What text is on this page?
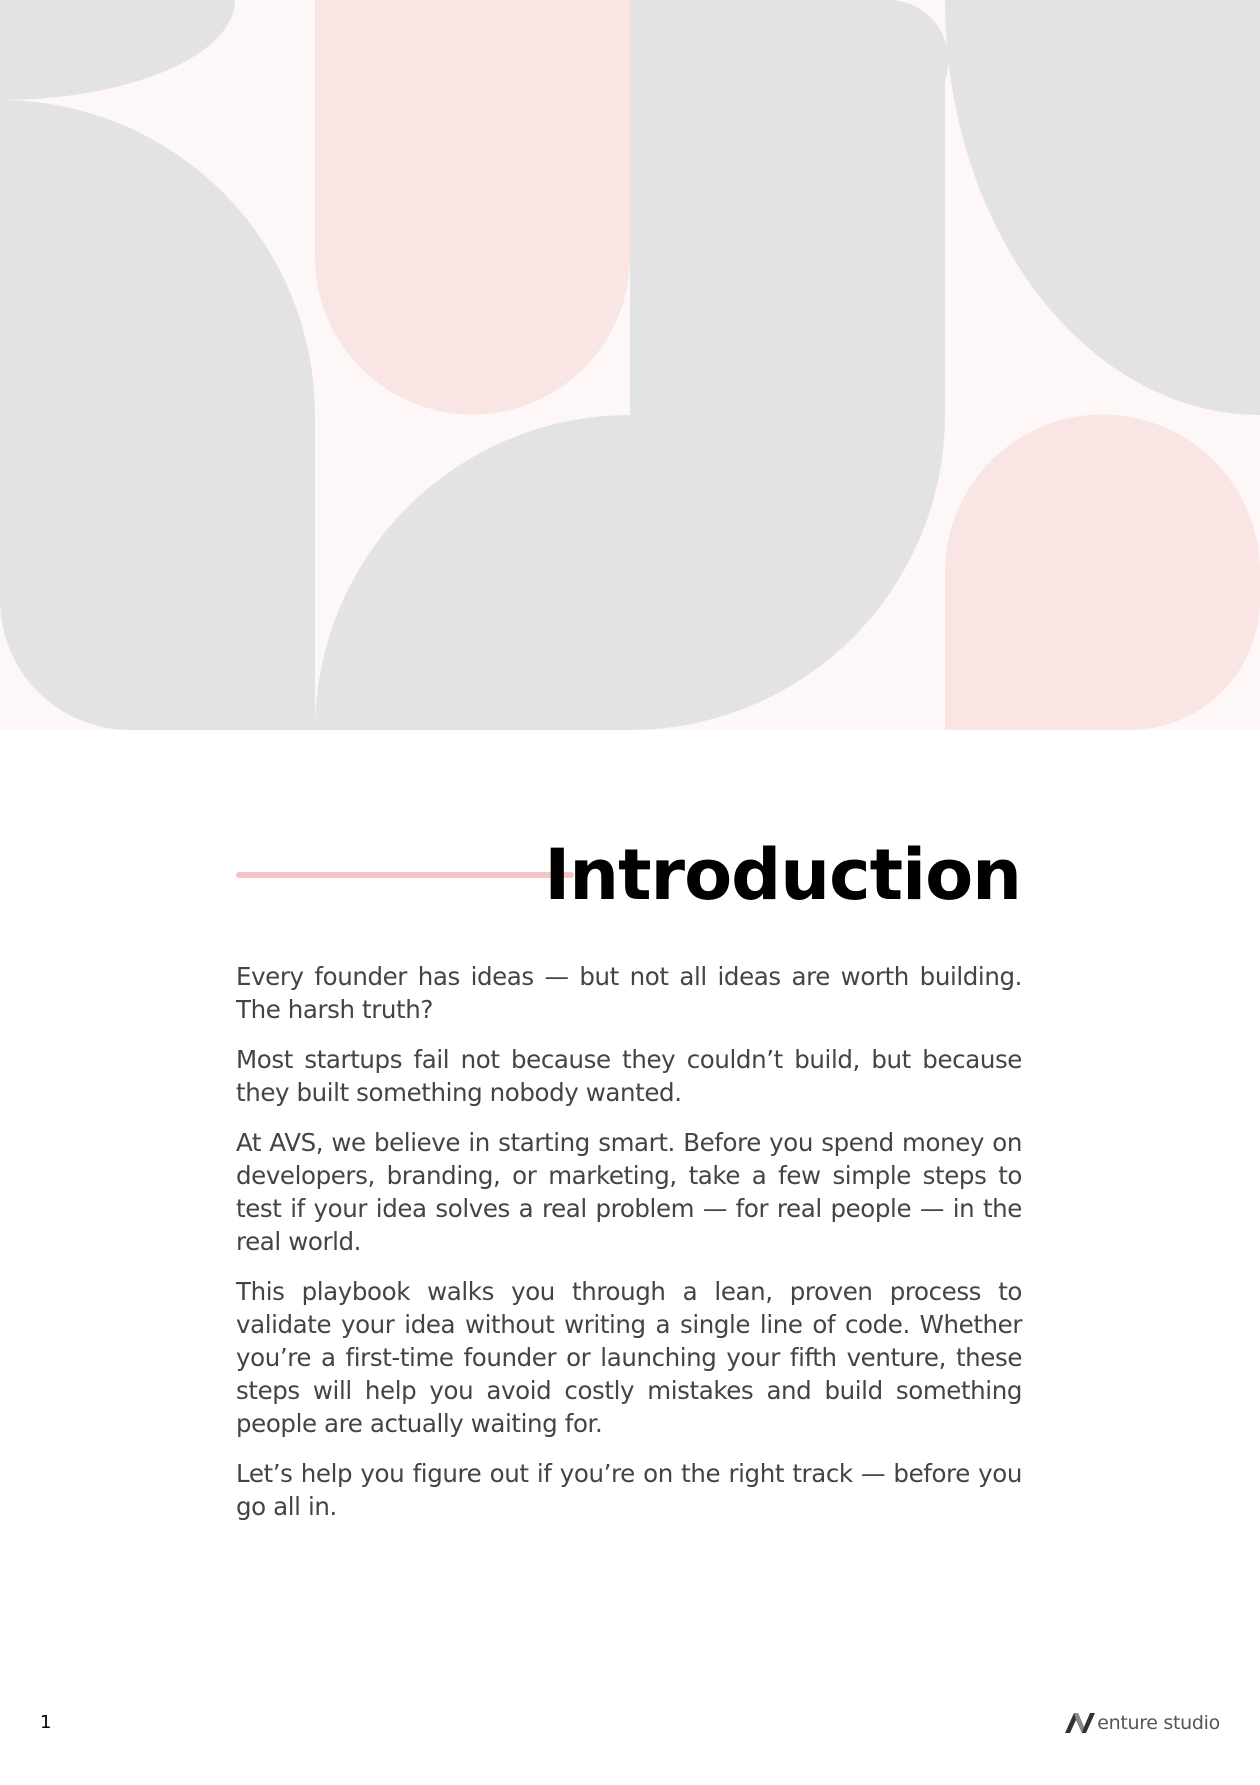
Introduction

Every founder has ideas — but not all ideas are worth building. The harsh truth?

Most startups fail not because they couldn’t build, but because they built something nobody wanted.

At AVS, we believe in starting smart. Before you spend money on developers, branding, or marketing, take a few simple steps to test if your idea solves a real problem — for real people — in the real world.

This playbook walks you through a lean, proven process to validate your idea without writing a single line of code. Whether you’re a first-time founder or launching your fifth venture, these steps will help you avoid costly mistakes and build something people are actually waiting for.

Let’s help you figure out if you’re on the right track — before you go all in.

1	enture studio
